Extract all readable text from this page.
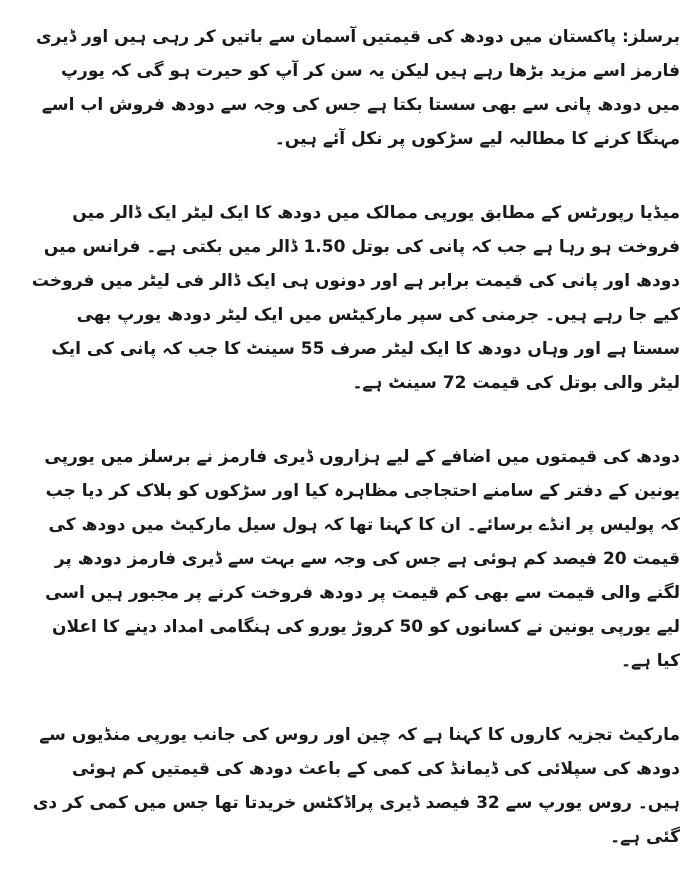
برسلز: پاکستان میں دودھ کی قیمتیں آسمان سے باتیں کر رہی ہیں اور ڈیری فارمز اسے مزید بڑھا رہے ہیں لیکن یہ سن کر آپ کو حیرت ہو گی کہ یورپ میں دودھ پانی سے بھی سستا بکتا ہے جس کی وجہ سے دودھ فروش اب اسے مہنگا کرنے کا مطالبہ لیے سڑکوں پر نکل آئے ہیں۔

میڈیا رپورٹس کے مطابق یورپی ممالک میں دودھ کا ایک لیٹر ایک ڈالر میں فروخت ہو رہا ہے جب کہ پانی کی بوتل 1.50 ڈالر میں بکتی ہے۔ فرانس میں دودھ اور پانی کی قیمت برابر ہے اور دونوں ہی ایک ڈالر فی لیٹر میں فروخت کیے جا رہے ہیں۔ جرمنی کی سپر مارکیٹس میں ایک لیٹر دودھ یورپ بھی سستا ہے اور وہاں دودھ کا ایک لیٹر صرف 55 سینٹ کا جب کہ پانی کی ایک لیٹر والی بوتل کی قیمت 72 سینٹ ہے۔

دودھ کی قیمتوں میں اضافے کے لیے ہزاروں ڈیری فارمز نے برسلز میں یورپی یونین کے دفتر کے سامنے احتجاجی مظاہرہ کیا اور سڑکوں کو بلاک کر دیا جب کہ پولیس پر انڈے برسائے۔ ان کا کہنا تھا کہ ہول سیل مارکیٹ میں دودھ کی قیمت 20 فیصد کم ہوئی ہے جس کی وجہ سے بہت سے ڈیری فارمز دودھ پر لگنے والی قیمت سے بھی کم قیمت پر دودھ فروخت کرنے پر مجبور ہیں اسی لیے یورپی یونین نے کسانوں کو 50 کروڑ یورو کی ہنگامی امداد دینے کا اعلان کیا ہے۔

مارکیٹ تجزیہ کاروں کا کہنا ہے کہ چین اور روس کی جانب یورپی منڈیوں سے دودھ کی سپلائی کی ڈیمانڈ کی کمی کے باعث دودھ کی قیمتیں کم ہوئی ہیں۔ روس یورپ سے 32 فیصد ڈیری پراڈکٹس خریدتا تھا جس میں کمی کر دی گئی ہے۔
